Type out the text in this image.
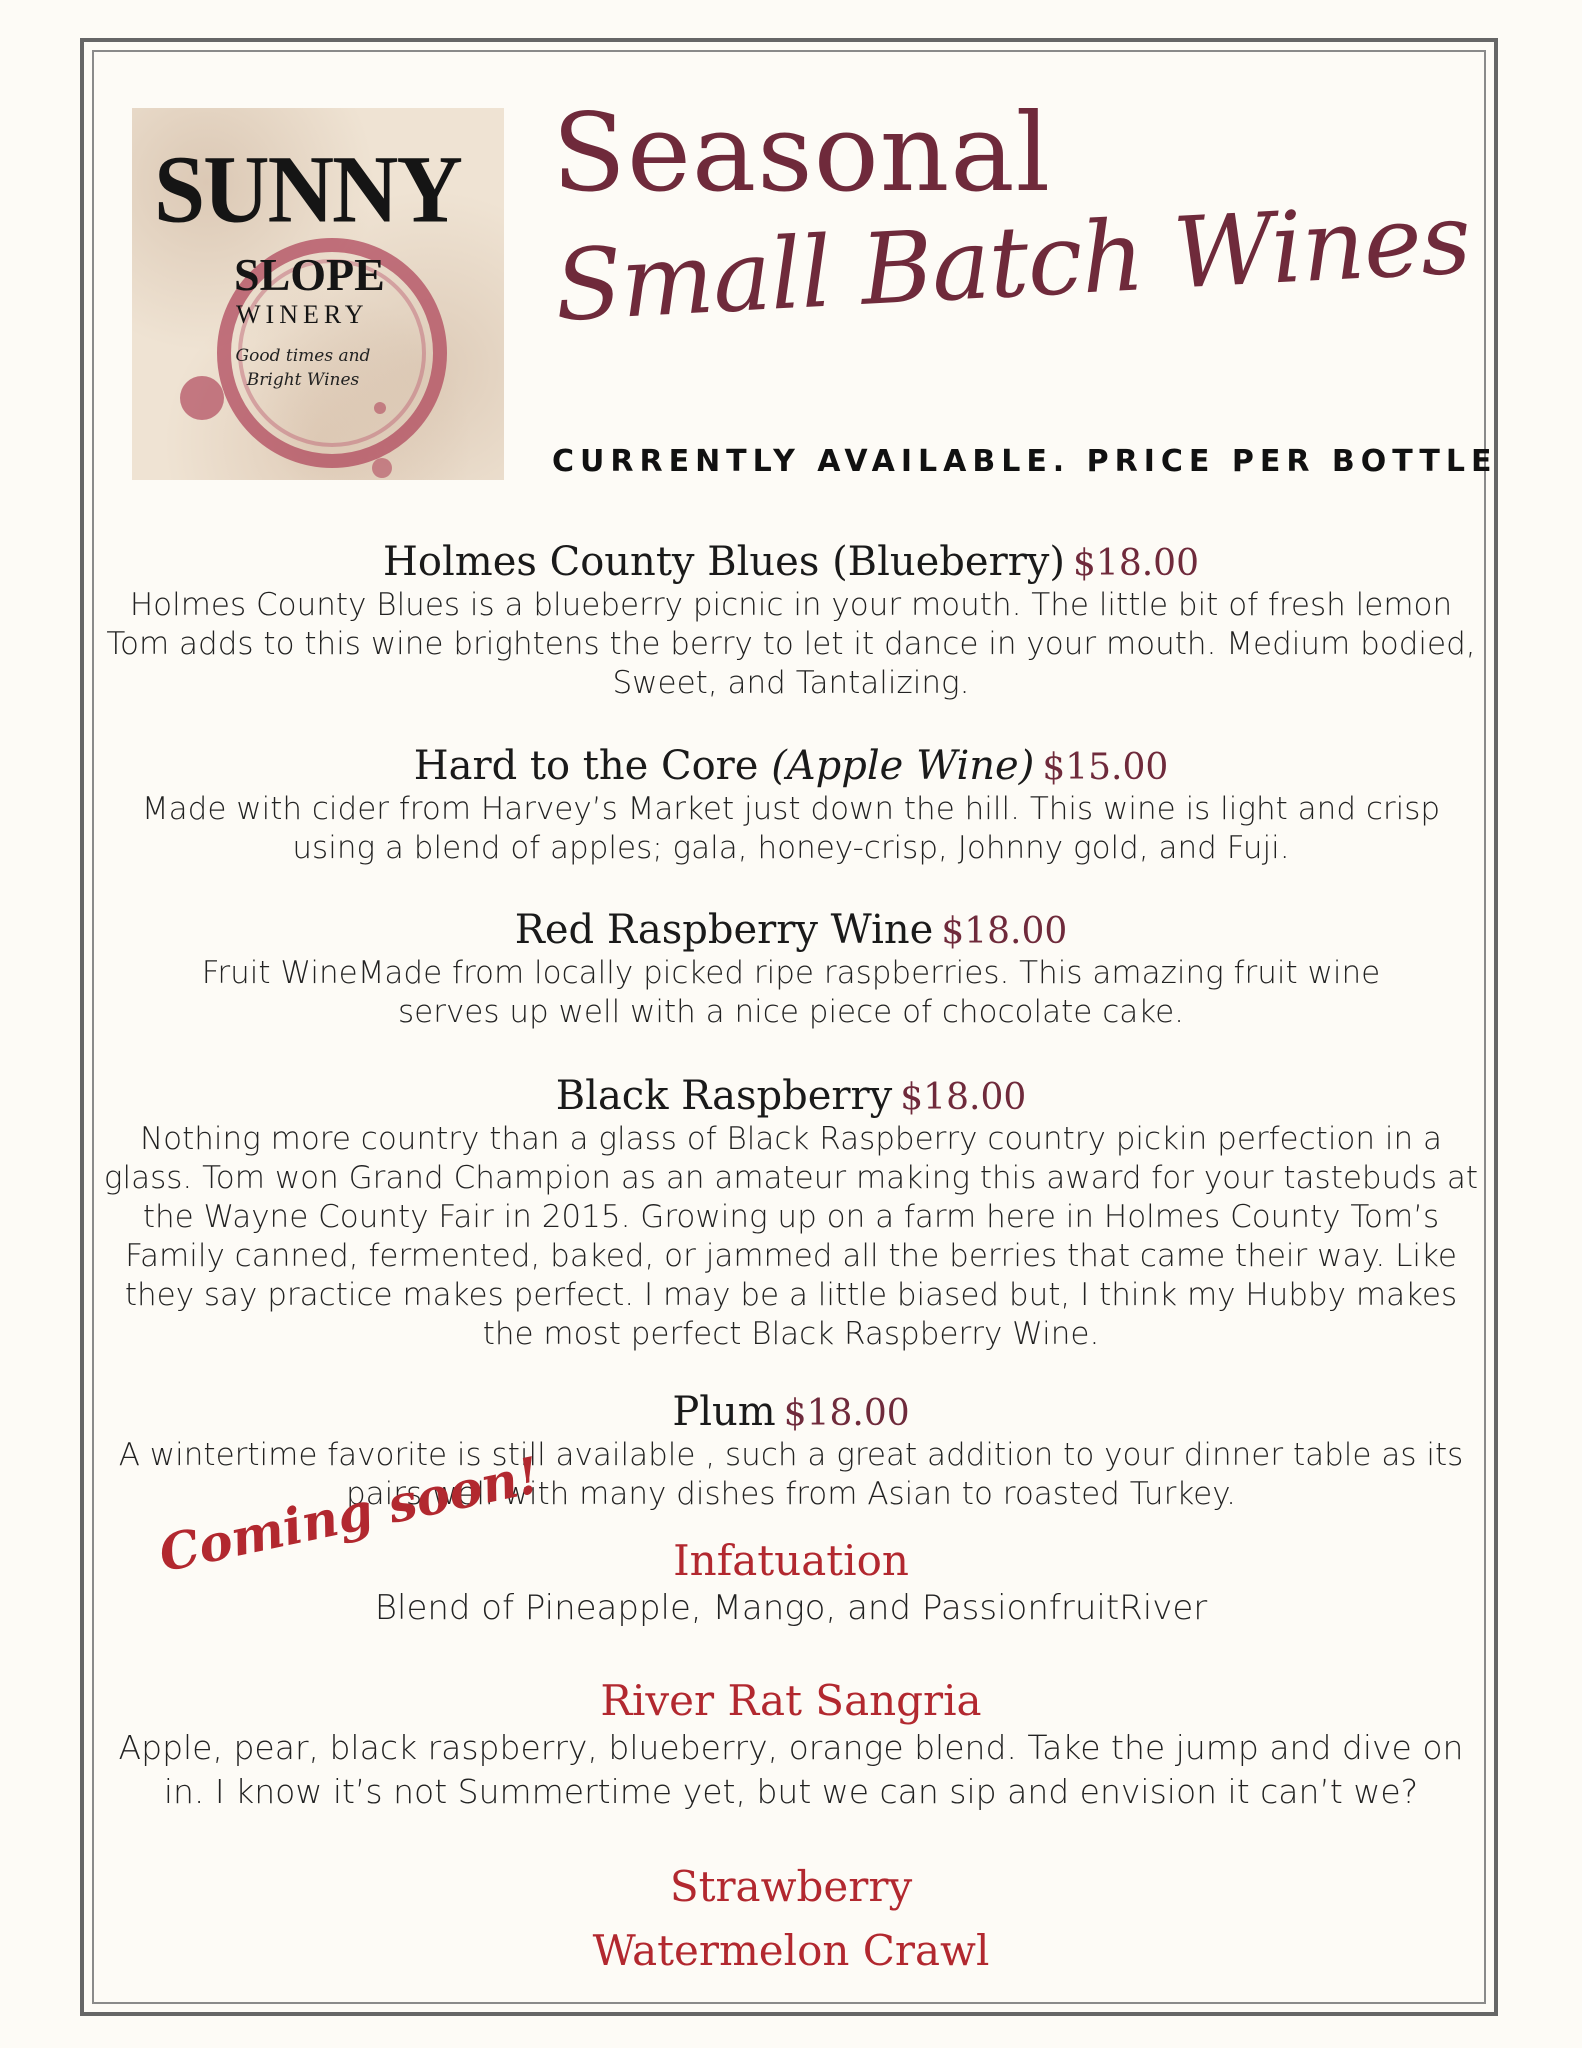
SUNNY
SLOPE
WINERY
Good times and Bright Wines
Seasonal
Small Batch Wines
CURRENTLY AVAILABLE. PRICE PER BOTTLE
Holmes County Blues (Blueberry) $18.00
Holmes County Blues is a blueberry picnic in your mouth. The little bit of fresh lemon Tom adds to this wine brightens the berry to let it dance in your mouth. Medium bodied, Sweet, and Tantalizing.
Hard to the Core (Apple Wine) $15.00
Made with cider from Harvey’s Market just down the hill. This wine is light and crisp using a blend of apples; gala, honey-crisp, Johnny gold, and Fuji.
Red Raspberry Wine $18.00
Fruit WineMade from locally picked ripe raspberries. This amazing fruit wine serves up well with a nice piece of chocolate cake.
Black Raspberry $18.00
Nothing more country than a glass of Black Raspberry country pickin perfection in a glass. Tom won Grand Champion as an amateur making this award for your tastebuds at the Wayne County Fair in 2015. Growing up on a farm here in Holmes County Tom’s Family canned, fermented, baked, or jammed all the berries that came their way. Like they say practice makes perfect. I may be a little biased but, I think my Hubby makes the most perfect Black Raspberry Wine.
Plum $18.00
A wintertime favorite is still available , such a great addition to your dinner table as its pairs well with many dishes from Asian to roasted Turkey.
Coming soon!	Infatuation
Blend of Pineapple, Mango, and PassionfruitRiver
River Rat Sangria
Apple, pear, black raspberry, blueberry, orange blend. Take the jump and dive on in. I know it’s not Summertime yet, but we can sip and envision it can’t we?
Strawberry
Watermelon Crawl
